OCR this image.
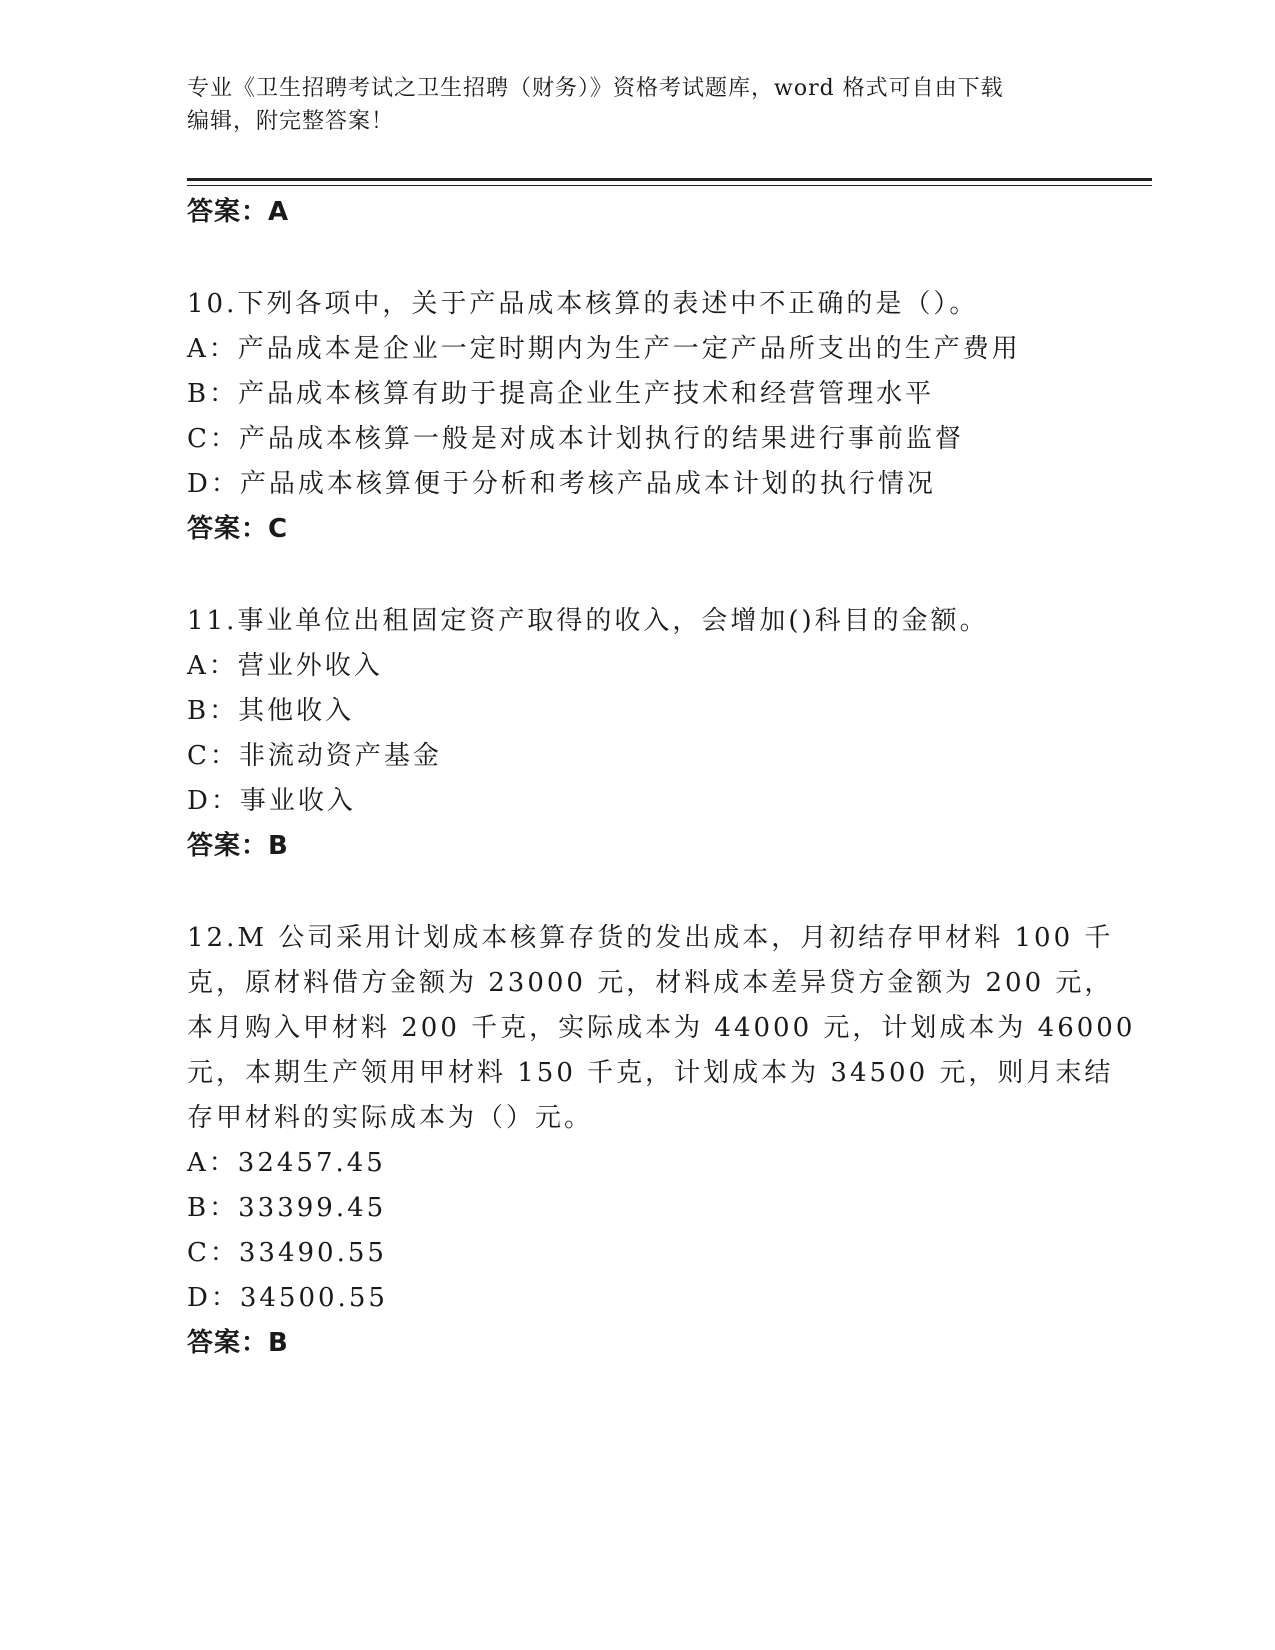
专业《卫生招聘考试之卫生招聘（财务）》资格考试题库，word 格式可自由下载
编辑，附完整答案！
答案：A
10.下列各项中，关于产品成本核算的表述中不正确的是（）。
A：产品成本是企业一定时期内为生产一定产品所支出的生产费用
B：产品成本核算有助于提高企业生产技术和经营管理水平
C：产品成本核算一般是对成本计划执行的结果进行事前监督
D：产品成本核算便于分析和考核产品成本计划的执行情况
答案：C
11.事业单位出租固定资产取得的收入，会增加()科目的金额。
A：营业外收入
B：其他收入
C：非流动资产基金
D：事业收入
答案：B
12.M 公司采用计划成本核算存货的发出成本，月初结存甲材料 100 千
克，原材料借方金额为 23000 元，材料成本差异贷方金额为 200 元，
本月购入甲材料 200 千克，实际成本为 44000 元，计划成本为 46000
元，本期生产领用甲材料 150 千克，计划成本为 34500 元，则月末结
存甲材料的实际成本为（）元。
A：32457.45
B：33399.45
C：33490.55
D：34500.55
答案：B
